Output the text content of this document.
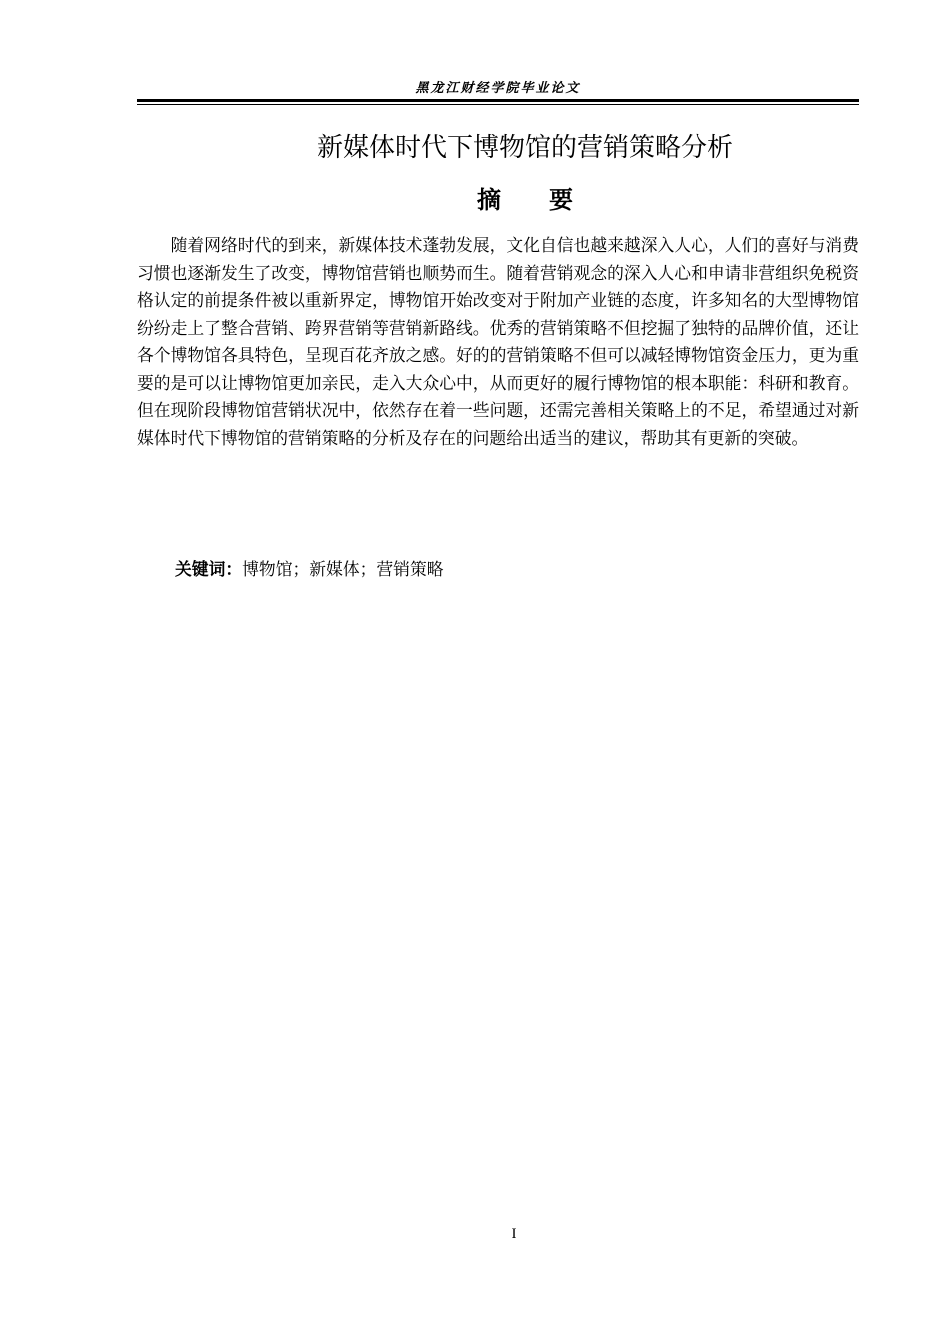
黑龙江财经学院毕业论文
新媒体时代下博物馆的营销策略分析
摘　　要

随着网络时代的到来，新媒体技术蓬勃发展，文化自信也越来越深入人心，人们的喜好与消费习惯也逐渐发生了改变，博物馆营销也顺势而生。随着营销观念的深入人心和申请非营组织免税资格认定的前提条件被以重新界定，博物馆开始改变对于附加产业链的态度，许多知名的大型博物馆纷纷走上了整合营销、跨界营销等营销新路线。优秀的营销策略不但挖掘了独特的品牌价值，还让各个博物馆各具特色，呈现百花齐放之感。好的的营销策略不但可以减轻博物馆资金压力，更为重要的是可以让博物馆更加亲民，走入大众心中，从而更好的履行博物馆的根本职能：科研和教育。但在现阶段博物馆营销状况中，依然存在着一些问题，还需完善相关策略上的不足，希望通过对新媒体时代下博物馆的营销策略的分析及存在的问题给出适当的建议，帮助其有更新的突破。

关键词：博物馆；新媒体；营销策略
I
